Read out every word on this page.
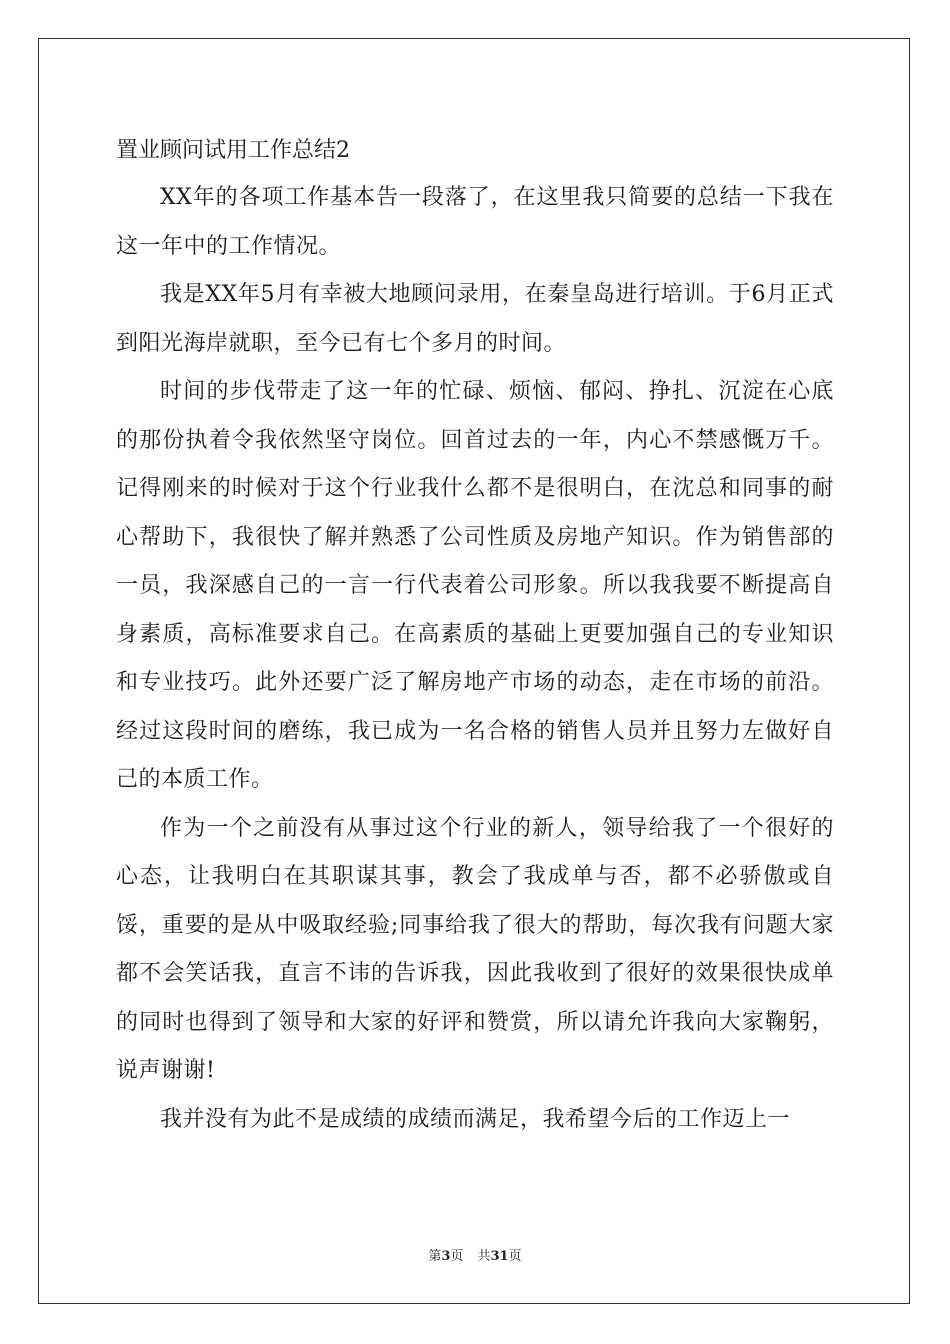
置业顾问试用工作总结2

XX年的各项工作基本告一段落了，在这里我只简要的总结一下我在这一年中的工作情况。

我是XX年5月有幸被大地顾问录用，在秦皇岛进行培训。于6月正式到阳光海岸就职，至今已有七个多月的时间。

时间的步伐带走了这一年的忙碌、烦恼、郁闷、挣扎、沉淀在心底的那份执着令我依然坚守岗位。回首过去的一年，内心不禁感慨万千。记得刚来的时候对于这个行业我什么都不是很明白，在沈总和同事的耐心帮助下，我很快了解并熟悉了公司性质及房地产知识。作为销售部的一员，我深感自己的一言一行代表着公司形象。所以我我要不断提高自身素质，高标准要求自己。在高素质的基础上更要加强自己的专业知识和专业技巧。此外还要广泛了解房地产市场的动态，走在市场的前沿。经过这段时间的磨练，我已成为一名合格的销售人员并且努力左做好自己的本质工作。

作为一个之前没有从事过这个行业的新人，领导给我了一个很好的心态，让我明白在其职谋其事，教会了我成单与否，都不必骄傲或自馁，重要的是从中吸取经验;同事给我了很大的帮助，每次我有问题大家都不会笑话我，直言不讳的告诉我，因此我收到了很好的效果很快成单的同时也得到了领导和大家的好评和赞赏，所以请允许我向大家鞠躬，说声谢谢!

我并没有为此不是成绩的成绩而满足，我希望今后的工作迈上一

第3页 共31页
